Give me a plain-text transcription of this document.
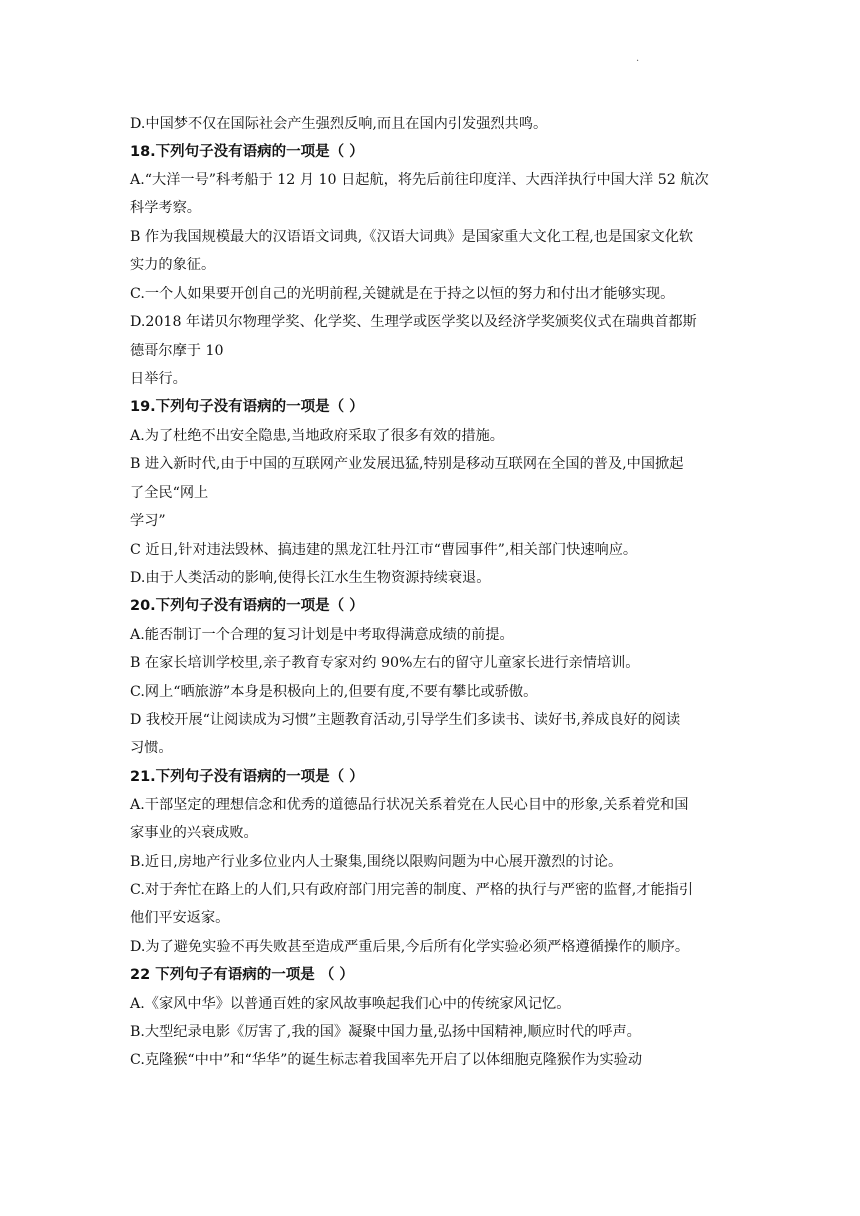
·
D.中国梦不仅在国际社会产生强烈反响,而且在国内引发强烈共鸣。
18.下列句子没有语病的一项是（ ）
A.“大洋一号”科考船于 12 月 10 日起航，将先后前往印度洋、大西洋执行中国大洋 52 航次
科学考察。
B 作为我国规模最大的汉语语文词典,《汉语大词典》是国家重大文化工程,也是国家文化软
实力的象征。
C.一个人如果要开创自己的光明前程,关键就是在于持之以恒的努力和付出才能够实现。
D.2018 年诺贝尔物理学奖、化学奖、生理学或医学奖以及经济学奖颁奖仪式在瑞典首都斯
德哥尔摩于 10
日举行。
19.下列句子没有语病的一项是（ ）
A.为了杜绝不出安全隐患,当地政府采取了很多有效的措施。
B 进入新时代,由于中国的互联网产业发展迅猛,特别是移动互联网在全国的普及,中国掀起
了全民“网上
学习”
C 近日,针对违法毁林、搞违建的黑龙江牡丹江市“曹园事件”,相关部门快速响应。
D.由于人类活动的影响,使得长江水生生物资源持续衰退。
20.下列句子没有语病的一项是（ ）
A.能否制订一个合理的复习计划是中考取得满意成绩的前提。
B 在家长培训学校里,亲子教育专家对约 90%左右的留守儿童家长进行亲情培训。
C.网上“晒旅游”本身是积极向上的,但要有度,不要有攀比或骄傲。
D 我校开展“让阅读成为习惯”主题教育活动,引导学生们多读书、读好书,养成良好的阅读
习惯。
21.下列句子没有语病的一项是（ ）
A.干部坚定的理想信念和优秀的道德品行状况关系着党在人民心目中的形象,关系着党和国
家事业的兴衰成败。
B.近日,房地产行业多位业内人士聚集,围绕以限购问题为中心展开激烈的讨论。
C.对于奔忙在路上的人们,只有政府部门用完善的制度、严格的执行与严密的监督,才能指引
他们平安返家。
D.为了避免实验不再失败甚至造成严重后果,今后所有化学实验必须严格遵循操作的顺序。
22 下列句子有语病的一项是 （ ）
A.《家风中华》以普通百姓的家风故事唤起我们心中的传统家风记忆。
B.大型纪录电影《厉害了,我的国》凝聚中国力量,弘扬中国精神,顺应时代的呼声。
C.克隆猴“中中”和“华华”的诞生标志着我国率先开启了以体细胞克隆猴作为实验动
